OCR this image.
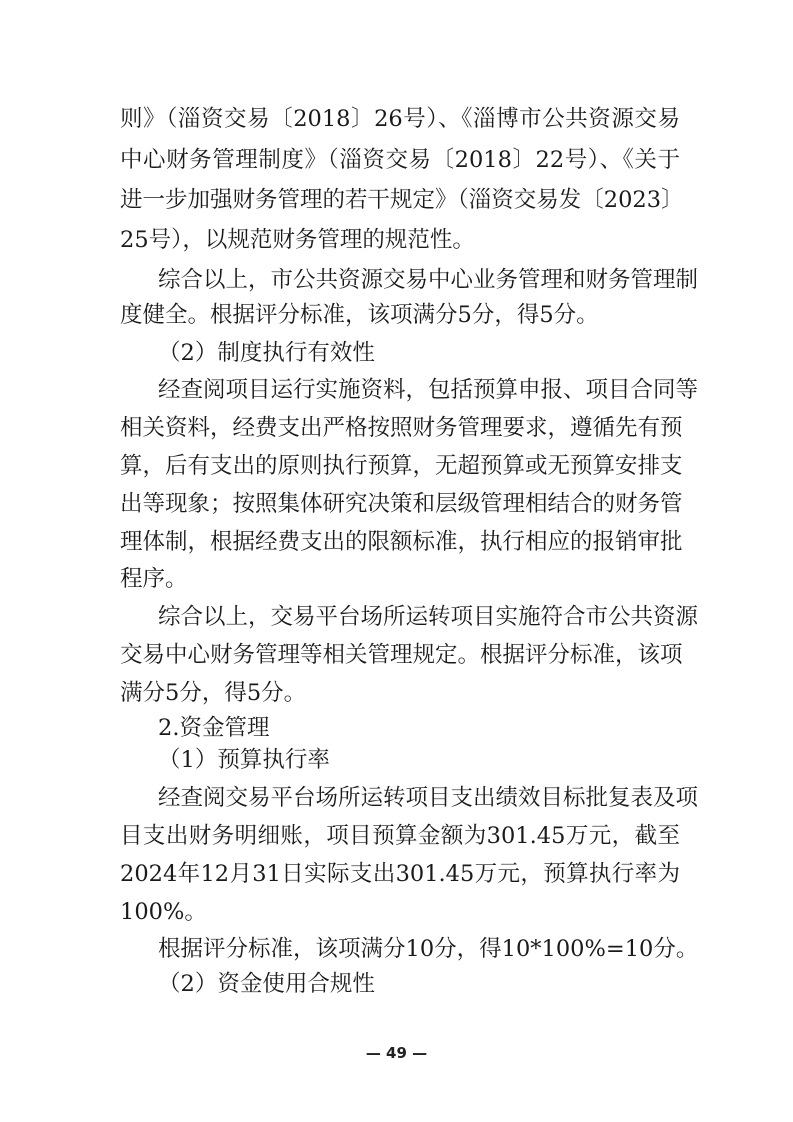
则》（淄资交易〔2018〕26号）、《淄博市公共资源交易
中心财务管理制度》（淄资交易〔2018〕22号）、《关于
进一步加强财务管理的若干规定》（淄资交易发〔2023〕
25号），以规范财务管理的规范性。
综合以上，市公共资源交易中心业务管理和财务管理制
度健全。根据评分标准，该项满分5分，得5分。
（2）制度执行有效性
经查阅项目运行实施资料，包括预算申报、项目合同等
相关资料，经费支出严格按照财务管理要求，遵循先有预
算，后有支出的原则执行预算，无超预算或无预算安排支
出等现象；按照集体研究决策和层级管理相结合的财务管
理体制，根据经费支出的限额标准，执行相应的报销审批
程序。
综合以上，交易平台场所运转项目实施符合市公共资源
交易中心财务管理等相关管理规定。根据评分标准，该项
满分5分，得5分。
2.资金管理
（1）预算执行率
经查阅交易平台场所运转项目支出绩效目标批复表及项
目支出财务明细账，项目预算金额为301.45万元，截至
2024年12月31日实际支出301.45万元，预算执行率为
100%。
根据评分标准，该项满分10分，得10*100%=10分。
（2）资金使用合规性
— 49 —
